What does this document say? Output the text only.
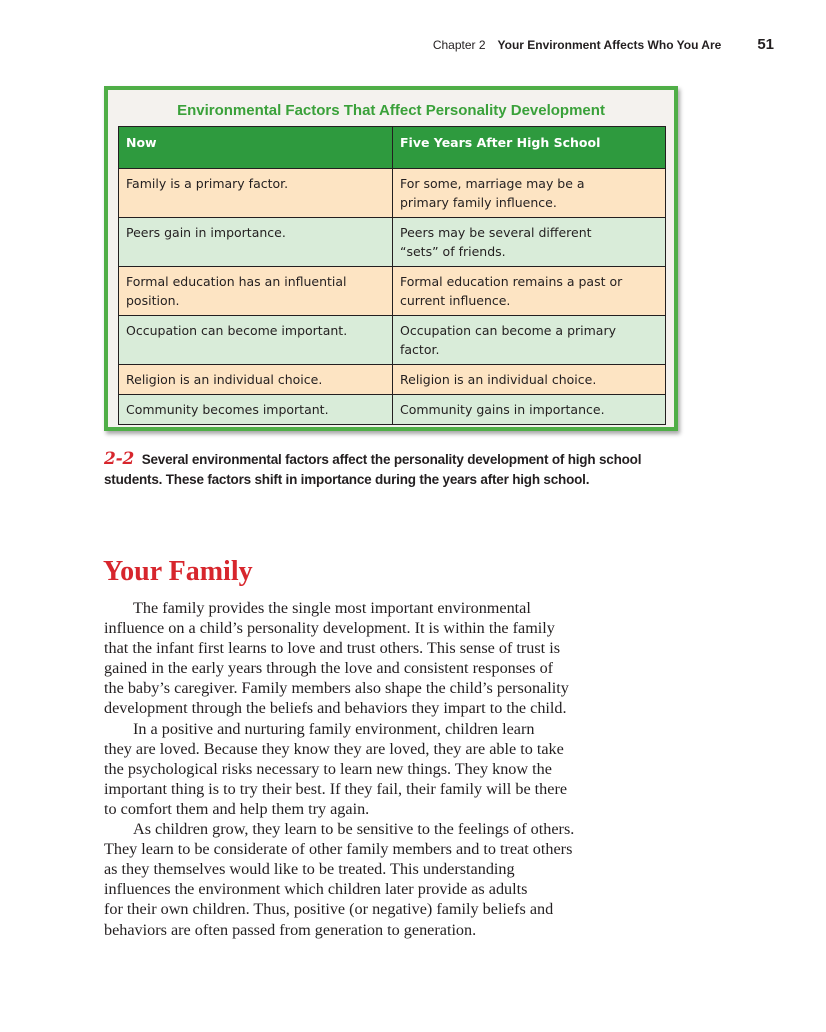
Chapter 2 Your Environment Affects Who You Are 51
Environmental Factors That Affect Personality Development
Now	Five Years After High School
Family is a primary factor.	For some, marriage may be a
primary family influence.
Peers gain in importance.	Peers may be several different
“sets” of friends.
Formal education has an influential
position.	Formal education remains a past or
current influence.
Occupation can become important.	Occupation can become a primary
factor.
Religion is an individual choice.	Religion is an individual choice.
Community becomes important.	Community gains in importance.
2-2 Several environmental factors affect the personality development of high school
students. These factors shift in importance during the years after high school.
Your Family

The family provides the single most important environmental
influence on a child’s personality development. It is within the family
that the infant first learns to love and trust others. This sense of trust is
gained in the early years through the love and consistent responses of
the baby’s caregiver. Family members also shape the child’s personality
development through the beliefs and behaviors they impart to the child.

In a positive and nurturing family environment, children learn
they are loved. Because they know they are loved, they are able to take
the psychological risks necessary to learn new things. They know the
important thing is to try their best. If they fail, their family will be there
to comfort them and help them try again.

As children grow, they learn to be sensitive to the feelings of others.
They learn to be considerate of other family members and to treat others
as they themselves would like to be treated. This understanding
influences the environment which children later provide as adults
for their own children. Thus, positive (or negative) family beliefs and
behaviors are often passed from generation to generation.
